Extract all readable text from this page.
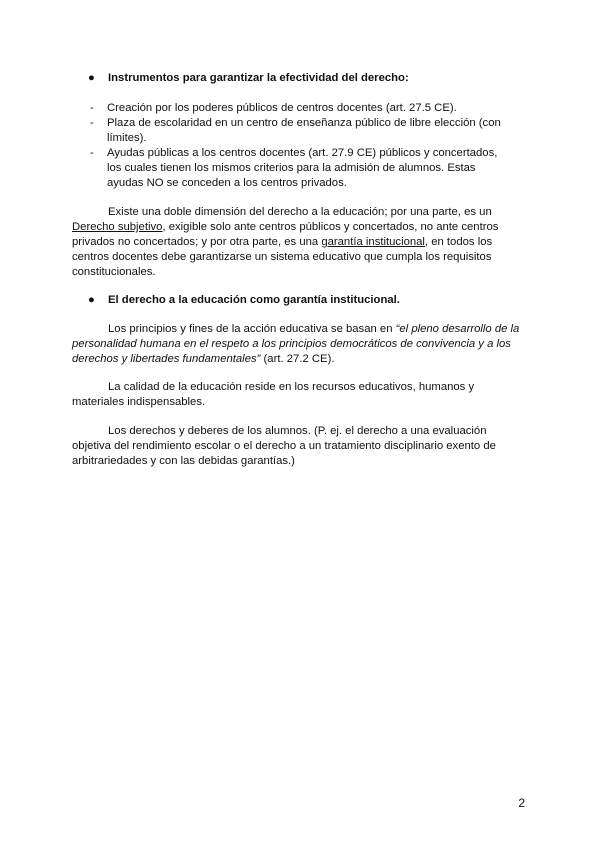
● Instrumentos para garantizar la efectividad del derecho:
- Creación por los poderes públicos de centros docentes (art. 27.5 CE).
- Plaza de escolaridad en un centro de enseñanza público de libre elección (con límites).
- Ayudas públicas a los centros docentes (art. 27.9 CE) públicos y concertados, los cuales tienen los mismos criterios para la admisión de alumnos. Estas ayudas NO se conceden a los centros privados.
Existe una doble dimensión del derecho a la educación; por una parte, es un Derecho subjetivo, exigible solo ante centros públicos y concertados, no ante centros privados no concertados; y por otra parte, es una garantía institucional, en todos los centros docentes debe garantizarse un sistema educativo que cumpla los requisitos constitucionales.
● El derecho a la educación como garantía institucional.
Los principios y fines de la acción educativa se basan en “el pleno desarrollo de la personalidad humana en el respeto a los principios democráticos de convivencia y a los derechos y libertades fundamentales” (art. 27.2 CE).
La calidad de la educación reside en los recursos educativos, humanos y materiales indispensables.
Los derechos y deberes de los alumnos. (P. ej. el derecho a una evaluación objetiva del rendimiento escolar o el derecho a un tratamiento disciplinario exento de arbitrariedades y con las debidas garantías.)
2
